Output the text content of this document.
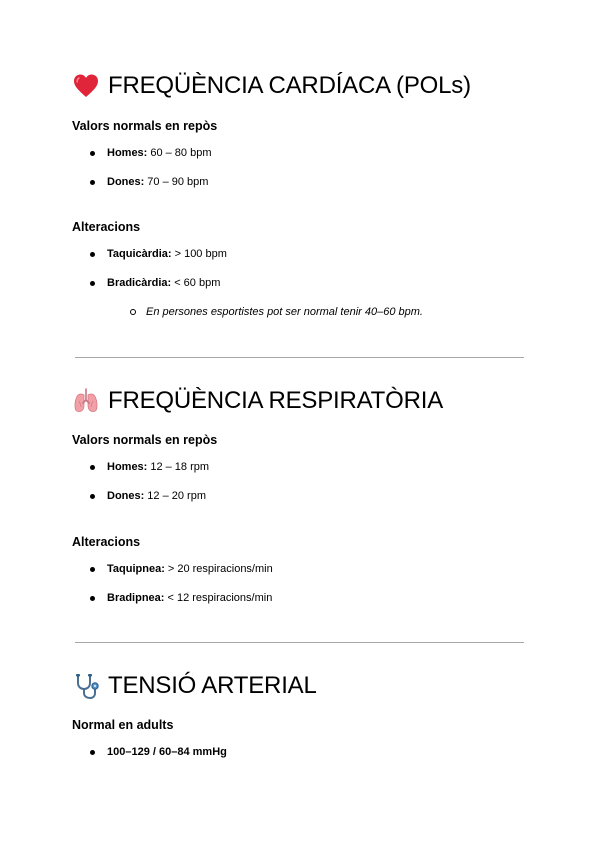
FREQÜÈNCIA CARDÍACA (POLs)
Valors normals en repòs
Homes: 60 – 80 bpm
Dones: 70 – 90 bpm
Alteracions
Taquicàrdia: > 100 bpm
Bradicàrdia: < 60 bpm
En persones esportistes pot ser normal tenir 40–60 bpm.
FREQÜÈNCIA RESPIRATÒRIA
Valors normals en repòs
Homes: 12 – 18 rpm
Dones: 12 – 20 rpm
Alteracions
Taquipnea: > 20 respiracions/min
Bradipnea: < 12 respiracions/min
TENSIÓ ARTERIAL
Normal en adults
100–129 / 60–84 mmHg
